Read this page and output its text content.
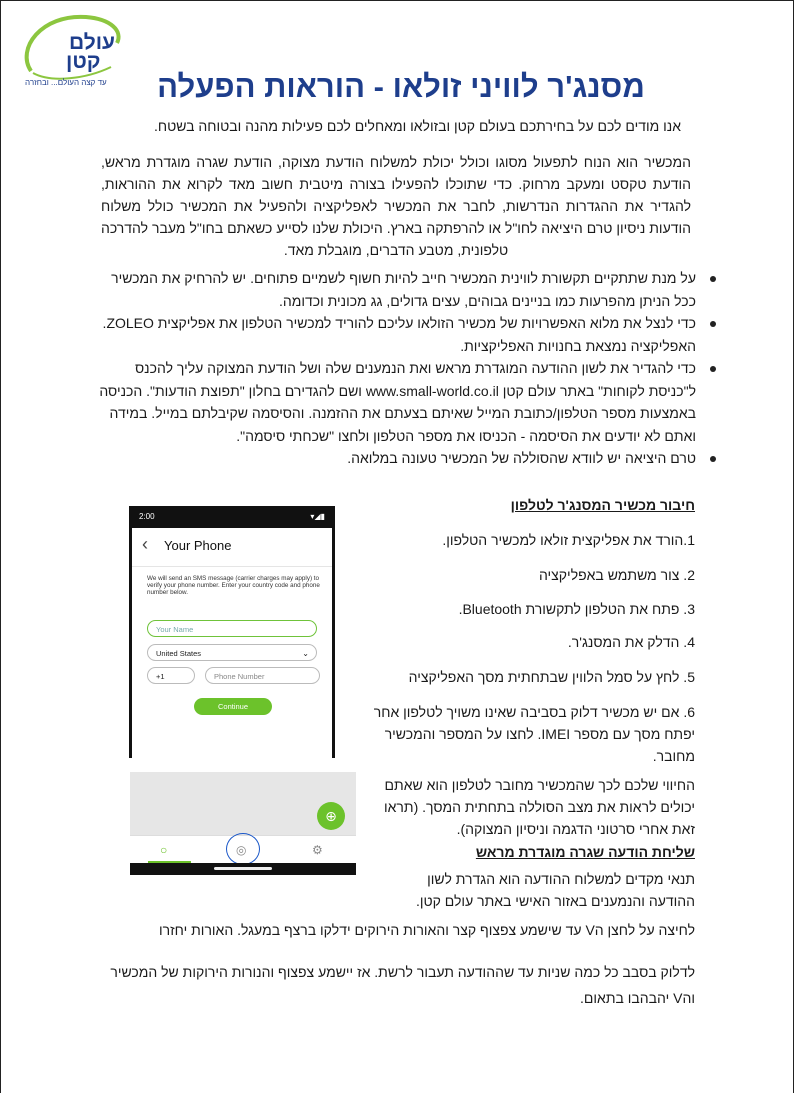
עולם
קטן
עד קצה העולם... ובחזרה	מסנג'ר לוויני זולאו - הוראות הפעלה
אנו מודים לכם על בחירתכם בעולם קטן ובזולאו ומאחלים לכם פעילות מהנה ובטוחה בשטח.
המכשיר הוא הנוח לתפעול מסוגו וכולל יכולת למשלוח הודעת מצוקה, הודעת שגרה מוגדרת מראש, הודעת טקסט ומעקב מרחוק. כדי שתוכלו להפעילו בצורה מיטבית חשוב מאד לקרוא את ההוראות, להגדיר את ההגדרות הנדרשות, לחבר את המכשיר לאפליקציה ולהפעיל את המכשיר כולל משלוח הודעות ניסיון טרם היציאה לחו"ל או להרפתקה בארץ. היכולת שלנו לסייע כשאתם בחו"ל מעבר להדרכה טלפונית, מטבע הדברים, מוגבלת מאד.
על מנת שתתקיים תקשורת לווינית המכשיר חייב להיות חשוף לשמיים פתוחים. יש להרחיק את המכשיר ככל הניתן מהפרעות כמו בניינים גבוהים, עצים גדולים, גג מכונית וכדומה.
כדי לנצל את מלוא האפשרויות של מכשיר הזולאו עליכם להוריד למכשיר הטלפון את אפליקצית ZOLEO. האפליקציה נמצאת בחנויות האפליקציות.
כדי להגדיר את לשון ההודעה המוגדרת מראש ואת הנמענים שלה ושל הודעת המצוקה עליך להכנס ל"כניסת לקוחות" באתר עולם קטן www.small-world.co.il ושם להגדירם בחלון "תפוצת הודעות". הכניסה באמצעות מספר הטלפון/כתובת המייל שאיתם בצעתם את ההזמנה. והסיסמה שקיבלתם במייל. במידה ואתם לא יודעים את הסיסמה - הכניסו את מספר הטלפון ולחצו "שכחתי סיסמה".
טרם היציאה יש לוודא שהסוללה של המכשיר טעונה במלואה.
חיבור מכשיר המסנג'ר לטלפון
1.הורד את אפליקצית זולאו למכשיר הטלפון.
2. צור משתמש באפליקציה
3. פתח את הטלפון לתקשורת Bluetooth.
4. הדלק את המסנג'ר.
5. לחץ על סמל הלווין שבתחתית מסך האפליקציה
6. אם יש מכשיר דלוק בסביבה שאינו משויך לטלפון אחר יפתח מסך עם מספר IMEI. לחצו על המספר והמכשיר מחובר.
החיווי שלכם לכך שהמכשיר מחובר לטלפון הוא שאתם יכולים לראות את מצב הסוללה בתחתית המסך. (תראו זאת אחרי סרטוני הדגמה וניסיון המצוקה).
שליחת הודעה שגרה מוגדרת מראש
תנאי מקדים למשלוח ההודעה הוא הגדרת לשון ההודעה והנמענים באזור האישי באתר עולם קטן.
לחיצה על לחצן הV עד שישמע צפצוף קצר והאורות הירוקים ידלקו ברצף במעגל. האורות יחזרו
לדלוק בסבב כל כמה שניות עד שההודעה תעבור לרשת. אז יישמע צפצוף והנורות הירוקות של המכשיר והV יהבהבו בתאום.
2:00	▾◢▮
‹ Your Phone
We will send an SMS message (carrier charges may apply) to verify your phone number. Enter your country code and phone number below.
Your Name
United States	⌄
+1	Phone Number
Continue
⊕
○	◎	⚙
